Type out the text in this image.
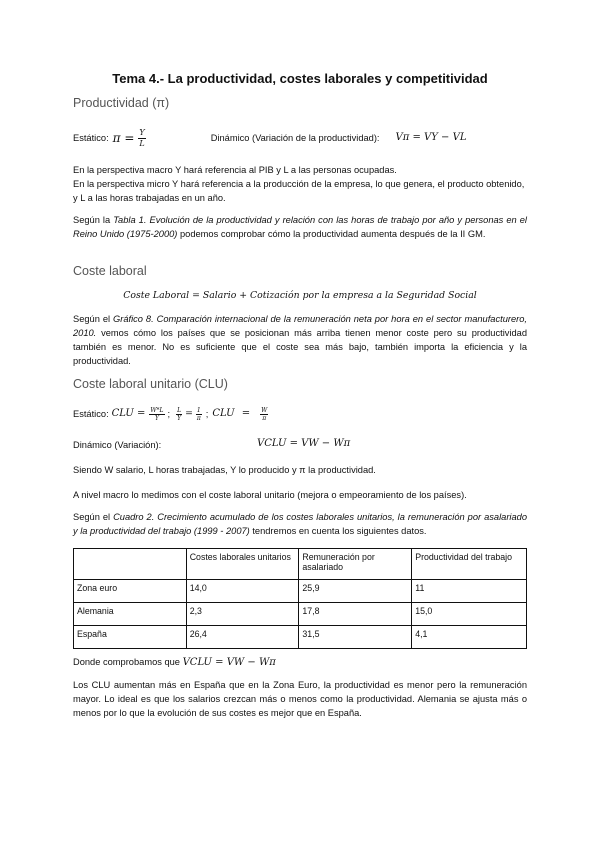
Tema 4.- La productividad, costes laborales y competitividad
Productividad (π)
Estático: $\pi = \frac{Y}{L}$	Dinámico (Variación de la productividad): Vπ = VY − VL
En la perspectiva macro Y hará referencia al PIB y L a las personas ocupadas.
En la perspectiva micro Y hará referencia a la producción de la empresa, lo que genera, el producto obtenido, y L a las horas trabajadas en un año.
Según la Tabla 1. Evolución de la productividad y relación con las horas de trabajo por año y personas en el Reino Unido (1975-2000) podemos comprobar cómo la productividad aumenta después de la II GM.
Coste laboral
Coste Laboral = Salario + Cotización por la empresa a la Seguridad Social
Según el Gráfico 8. Comparación internacional de la remuneración neta por hora en el sector manufacturero, 2010. vemos cómo los países que se posicionan más arriba tienen menor coste pero su productividad también es menor. No es suficiente que el coste sea más bajo, también importa la eficiencia y la productividad.
Coste laboral unitario (CLU)
Estático: CLU = $\frac{W*L}{Y}$ ; $\frac{L}{Y} = \frac{1}{\pi}$ ; CLU = $\frac{W}{\pi}$
Dinámico (Variación):	VCLU = VW − Wπ
Siendo W salario, L horas trabajadas, Y lo producido y π la productividad.
A nivel macro lo medimos con el coste laboral unitario (mejora o empeoramiento de los países).
Según el Cuadro 2. Crecimiento acumulado de los costes laborales unitarios, la remuneración por asalariado y la productividad del trabajo (1999 - 2007) tendremos en cuenta los siguientes datos.
	Costes laborales unitarios	Remuneración por asalariado	Productividad del trabajo
Zona euro	14,0	25,9	11
Alemania	2,3	17,8	15,0
España	26,4	31,5	4,1
Donde comprobamos que VCLU = VW − Wπ
Los CLU aumentan más en España que en la Zona Euro, la productividad es menor pero la remuneración mayor. Lo ideal es que los salarios crezcan más o menos como la productividad. Alemania se ajusta más o menos por lo que la evolución de sus costes es mejor que en España.
